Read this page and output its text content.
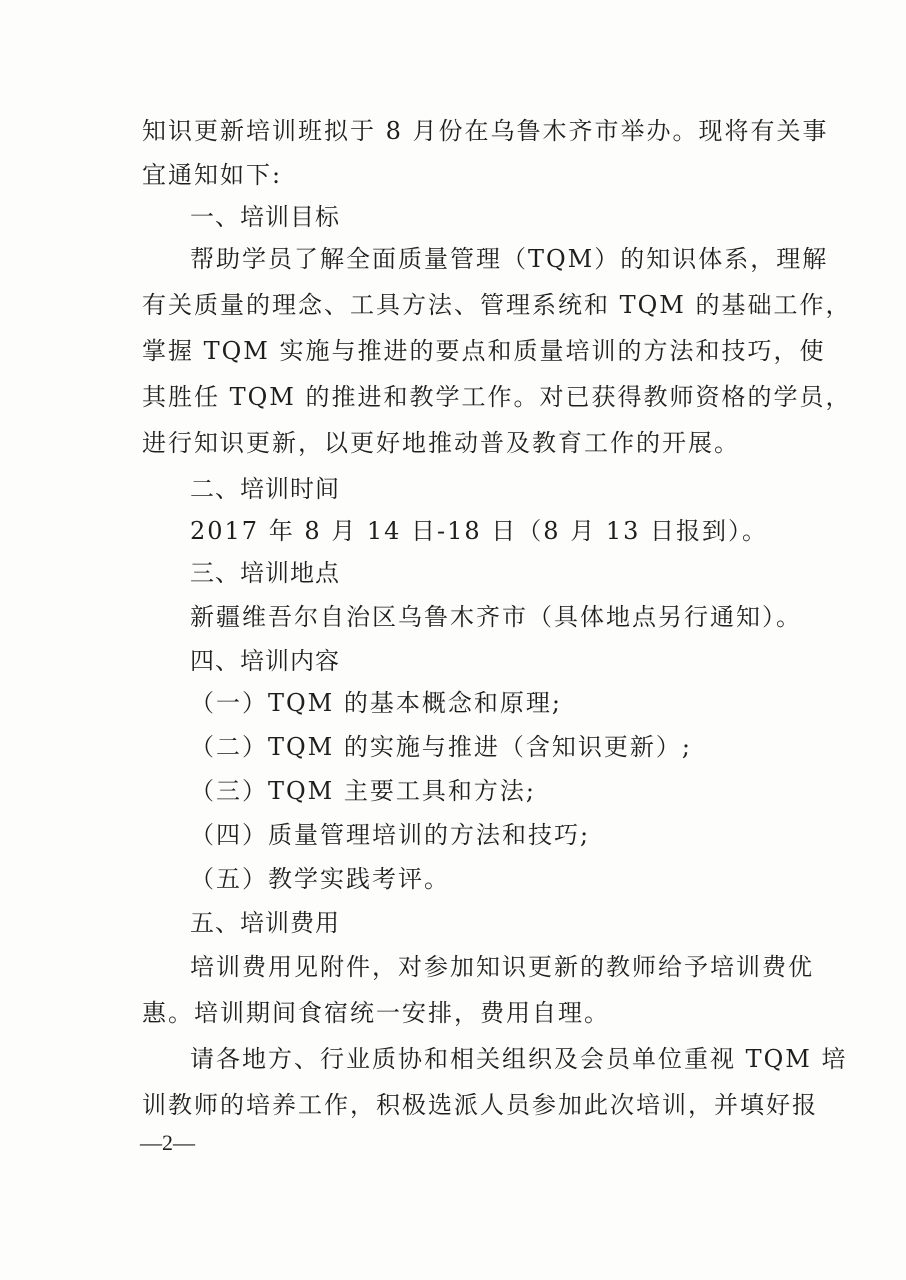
知识更新培训班拟于 8 月份在乌鲁木齐市举办。现将有关事
宜通知如下:
一、培训目标
帮助学员了解全面质量管理（TQM）的知识体系，理解
有关质量的理念、工具方法、管理系统和 TQM 的基础工作，
掌握 TQM 实施与推进的要点和质量培训的方法和技巧，使
其胜任 TQM 的推进和教学工作。对已获得教师资格的学员，
进行知识更新，以更好地推动普及教育工作的开展。
二、培训时间
2017 年 8 月 14 日-18 日（8 月 13 日报到）。
三、培训地点
新疆维吾尔自治区乌鲁木齐市（具体地点另行通知）。
四、培训内容
（一）TQM 的基本概念和原理;
（二）TQM 的实施与推进（含知识更新）;
（三）TQM 主要工具和方法;
（四）质量管理培训的方法和技巧;
（五）教学实践考评。
五、培训费用
培训费用见附件，对参加知识更新的教师给予培训费优
惠。培训期间食宿统一安排，费用自理。
请各地方、行业质协和相关组织及会员单位重视 TQM 培
训教师的培养工作，积极选派人员参加此次培训，并填好报
—2—
